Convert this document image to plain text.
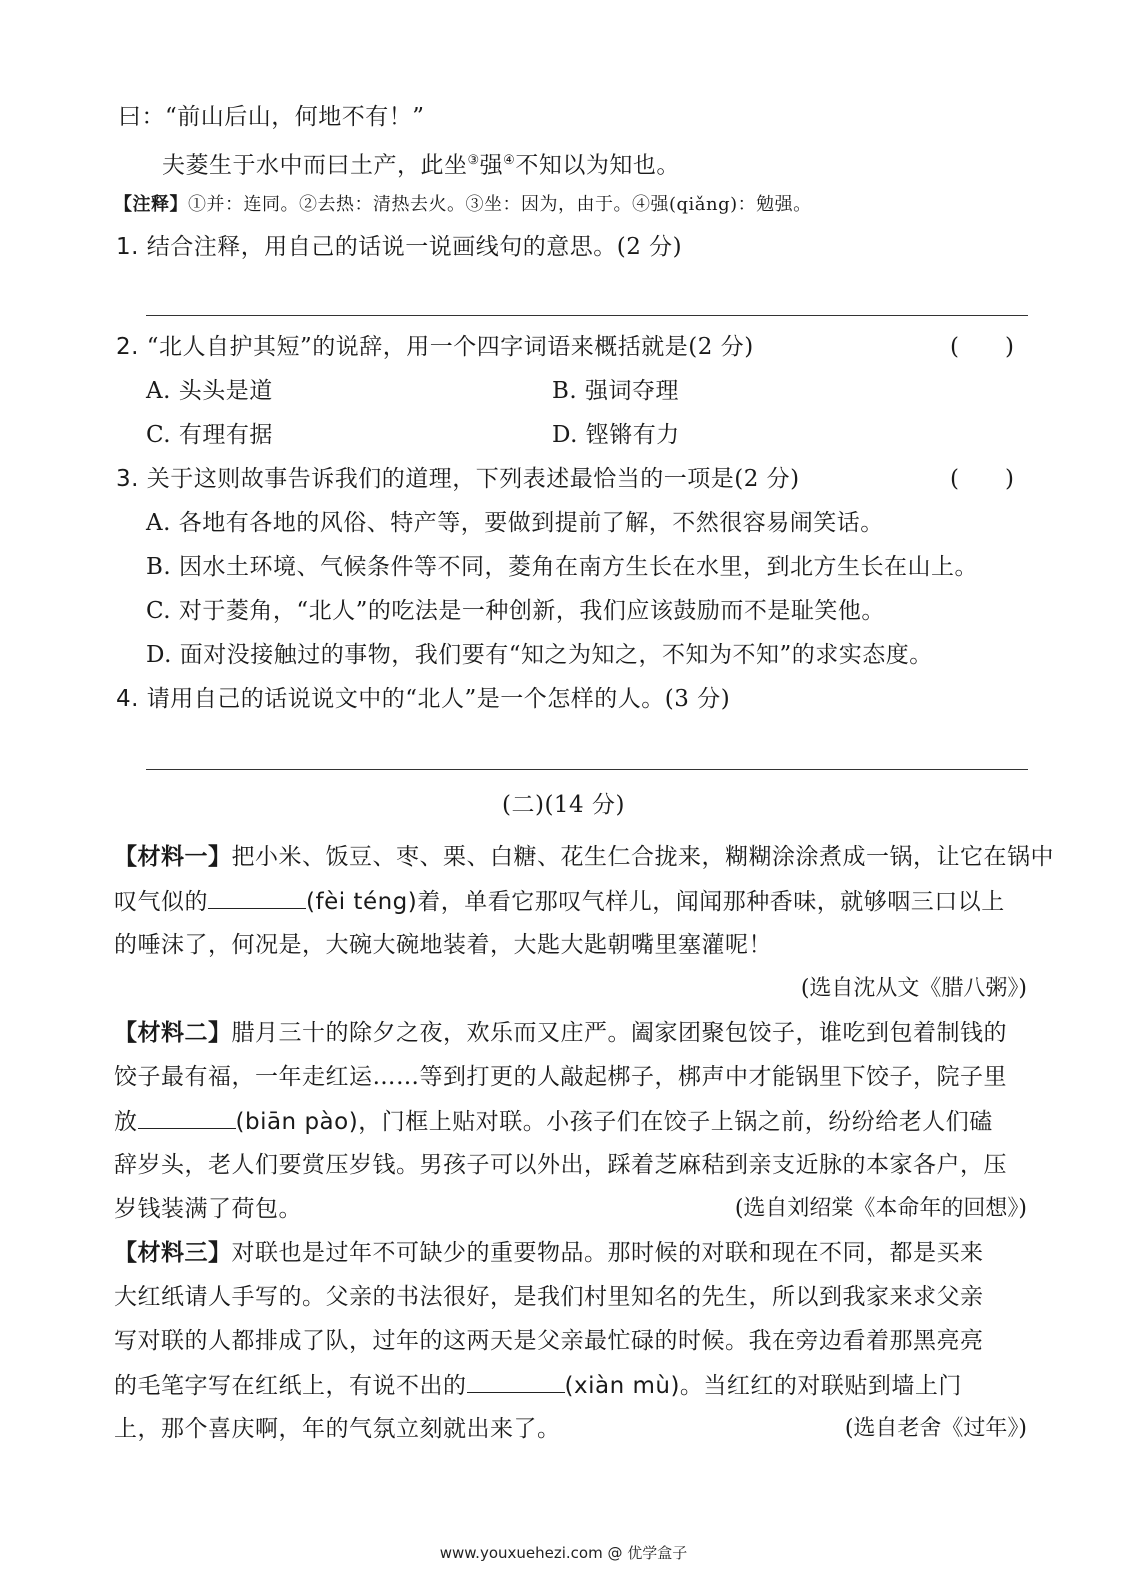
曰：“前山后山，何地不有！”
夫菱生于水中而曰土产，此坐③强④不知以为知也。
【注释】①并：连同。②去热：清热去火。③坐：因为，由于。④强(qiǎng)：勉强。
1. 结合注释，用自己的话说一说画线句的意思。(2 分)
2. “北人自护其短”的说辞，用一个四字词语来概括就是(2 分)	(　　)
A. 头头是道	B. 强词夺理
C. 有理有据	D. 铿锵有力
3. 关于这则故事告诉我们的道理，下列表述最恰当的一项是(2 分)	(　　)
A. 各地有各地的风俗、特产等，要做到提前了解，不然很容易闹笑话。
B. 因水土环境、气候条件等不同，菱角在南方生长在水里，到北方生长在山上。
C. 对于菱角，“北人”的吃法是一种创新，我们应该鼓励而不是耻笑他。
D. 面对没接触过的事物，我们要有“知之为知之，不知为不知”的求实态度。
4. 请用自己的话说说文中的“北人”是一个怎样的人。(3 分)
(二)(14 分)
【材料一】把小米、饭豆、枣、栗、白糖、花生仁合拢来，糊糊涂涂煮成一锅，让它在锅中
叹气似的	(fèi téng)着，单看它那叹气样儿，闻闻那种香味，就够咽三口以上
的唾沫了，何况是，大碗大碗地装着，大匙大匙朝嘴里塞灌呢！
(选自沈从文《腊八粥》)
【材料二】腊月三十的除夕之夜，欢乐而又庄严。阖家团聚包饺子，谁吃到包着制钱的
饺子最有福，一年走红运……等到打更的人敲起梆子，梆声中才能锅里下饺子，院子里
放	(biān pào)，门框上贴对联。小孩子们在饺子上锅之前，纷纷给老人们磕
辞岁头，老人们要赏压岁钱。男孩子可以外出，踩着芝麻秸到亲支近脉的本家各户，压
岁钱装满了荷包。	(选自刘绍棠《本命年的回想》)
【材料三】对联也是过年不可缺少的重要物品。那时候的对联和现在不同，都是买来
大红纸请人手写的。父亲的书法很好，是我们村里知名的先生，所以到我家来求父亲
写对联的人都排成了队，过年的这两天是父亲最忙碌的时候。我在旁边看着那黑亮亮
的毛笔字写在红纸上，有说不出的	(xiàn mù)。当红红的对联贴到墙上门
上，那个喜庆啊，年的气氛立刻就出来了。	(选自老舍《过年》)
www.youxuehezi.com @ 优学盒子
